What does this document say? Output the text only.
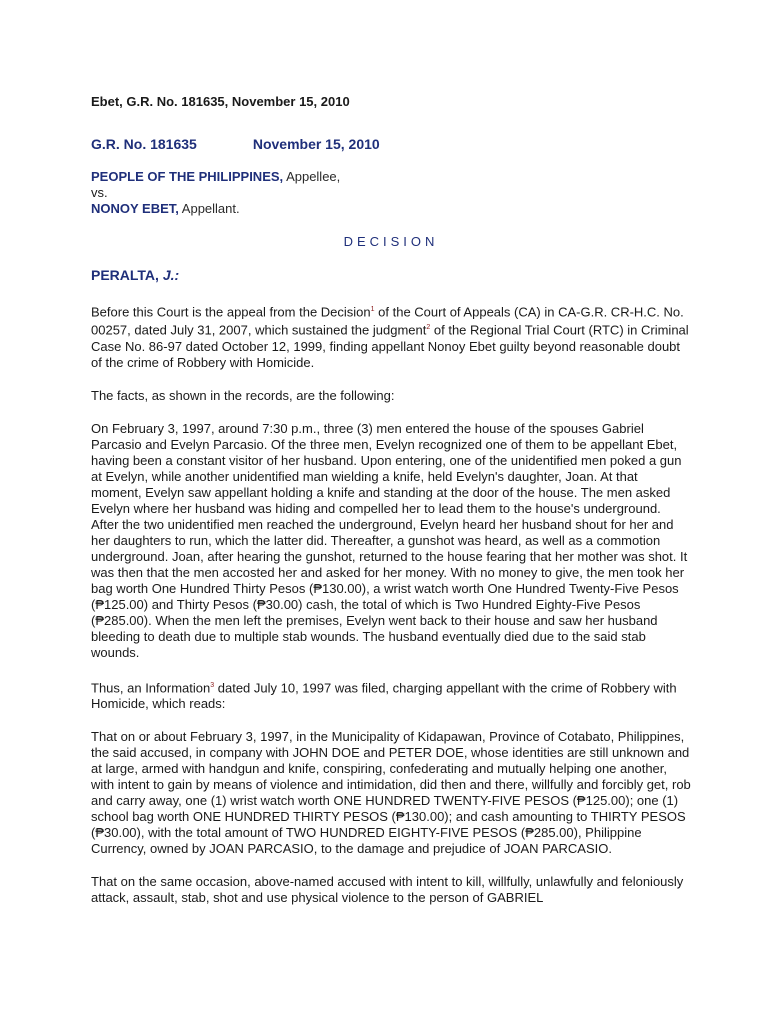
Ebet, G.R. No. 181635, November 15, 2010
G.R. No. 181635	November 15, 2010
PEOPLE OF THE PHILIPPINES, Appellee,
vs.
NONOY EBET, Appellant.
DECISION
PERALTA, J.:

Before this Court is the appeal from the Decision$^1$ of the Court of Appeals (CA) in CA-G.R. CR-H.C. No. 00257, dated July 31, 2007, which sustained the judgment$^2$ of the Regional Trial Court (RTC) in Criminal Case No. 86-97 dated October 12, 1999, finding appellant Nonoy Ebet guilty beyond reasonable doubt of the crime of Robbery with Homicide.

The facts, as shown in the records, are the following:

On February 3, 1997, around 7:30 p.m., three (3) men entered the house of the spouses Gabriel Parcasio and Evelyn Parcasio. Of the three men, Evelyn recognized one of them to be appellant Ebet, having been a constant visitor of her husband. Upon entering, one of the unidentified men poked a gun at Evelyn, while another unidentified man wielding a knife, held Evelyn's daughter, Joan. At that moment, Evelyn saw appellant holding a knife and standing at the door of the house. The men asked Evelyn where her husband was hiding and compelled her to lead them to the house's underground. After the two unidentified men reached the underground, Evelyn heard her husband shout for her and her daughters to run, which the latter did. Thereafter, a gunshot was heard, as well as a commotion underground. Joan, after hearing the gunshot, returned to the house fearing that her mother was shot. It was then that the men accosted her and asked for her money. With no money to give, the men took her bag worth One Hundred Thirty Pesos (₱130.00), a wrist watch worth One Hundred Twenty-Five Pesos (₱125.00) and Thirty Pesos (₱30.00) cash, the total of which is Two Hundred Eighty-Five Pesos (₱285.00). When the men left the premises, Evelyn went back to their house and saw her husband bleeding to death due to multiple stab wounds. The husband eventually died due to the said stab wounds.

Thus, an Information$^3$ dated July 10, 1997 was filed, charging appellant with the crime of Robbery with Homicide, which reads:

That on or about February 3, 1997, in the Municipality of Kidapawan, Province of Cotabato, Philippines, the said accused, in company with JOHN DOE and PETER DOE, whose identities are still unknown and at large, armed with handgun and knife, conspiring, confederating and mutually helping one another, with intent to gain by means of violence and intimidation, did then and there, willfully and forcibly get, rob and carry away, one (1) wrist watch worth ONE HUNDRED TWENTY-FIVE PESOS (₱125.00); one (1) school bag worth ONE HUNDRED THIRTY PESOS (₱130.00); and cash amounting to THIRTY PESOS (₱30.00), with the total amount of TWO HUNDRED EIGHTY-FIVE PESOS (₱285.00), Philippine Currency, owned by JOAN PARCASIO, to the damage and prejudice of JOAN PARCASIO.

That on the same occasion, above-named accused with intent to kill, willfully, unlawfully and feloniously attack, assault, stab, shot and use physical violence to the person of GABRIEL
